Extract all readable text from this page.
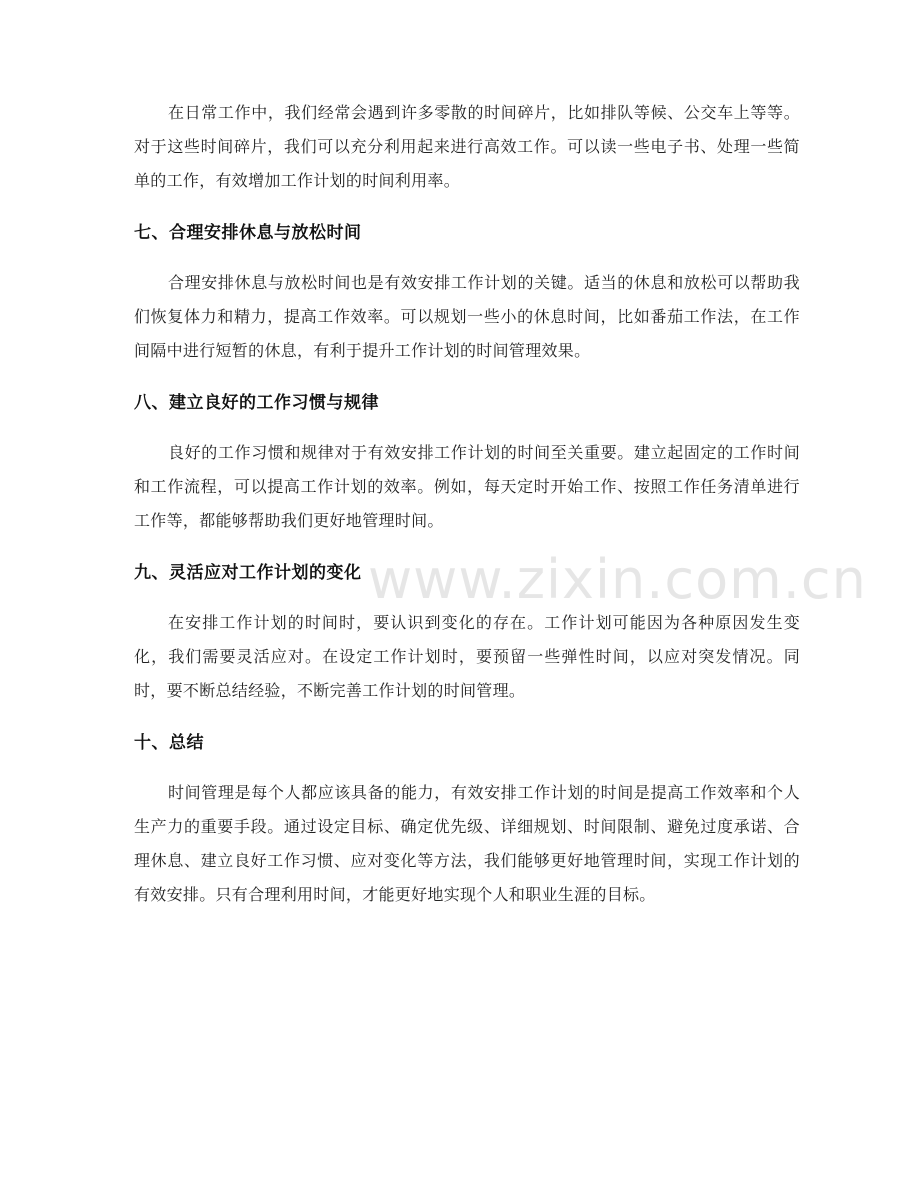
在日常工作中，我们经常会遇到许多零散的时间碎片，比如排队等候、公交车上等等。对于这些时间碎片，我们可以充分利用起来进行高效工作。可以读一些电子书、处理一些简单的工作，有效增加工作计划的时间利用率。

七、合理安排休息与放松时间

合理安排休息与放松时间也是有效安排工作计划的关键。适当的休息和放松可以帮助我们恢复体力和精力，提高工作效率。可以规划一些小的休息时间，比如番茄工作法，在工作间隔中进行短暂的休息，有利于提升工作计划的时间管理效果。

八、建立良好的工作习惯与规律

良好的工作习惯和规律对于有效安排工作计划的时间至关重要。建立起固定的工作时间和工作流程，可以提高工作计划的效率。例如，每天定时开始工作、按照工作任务清单进行工作等，都能够帮助我们更好地管理时间。

九、灵活应对工作计划的变化

在安排工作计划的时间时，要认识到变化的存在。工作计划可能因为各种原因发生变化，我们需要灵活应对。在设定工作计划时，要预留一些弹性时间，以应对突发情况。同时，要不断总结经验，不断完善工作计划的时间管理。

十、总结

时间管理是每个人都应该具备的能力，有效安排工作计划的时间是提高工作效率和个人生产力的重要手段。通过设定目标、确定优先级、详细规划、时间限制、避免过度承诺、合理休息、建立良好工作习惯、应对变化等方法，我们能够更好地管理时间，实现工作计划的有效安排。只有合理利用时间，才能更好地实现个人和职业生涯的目标。

www.zixin.com.cn
